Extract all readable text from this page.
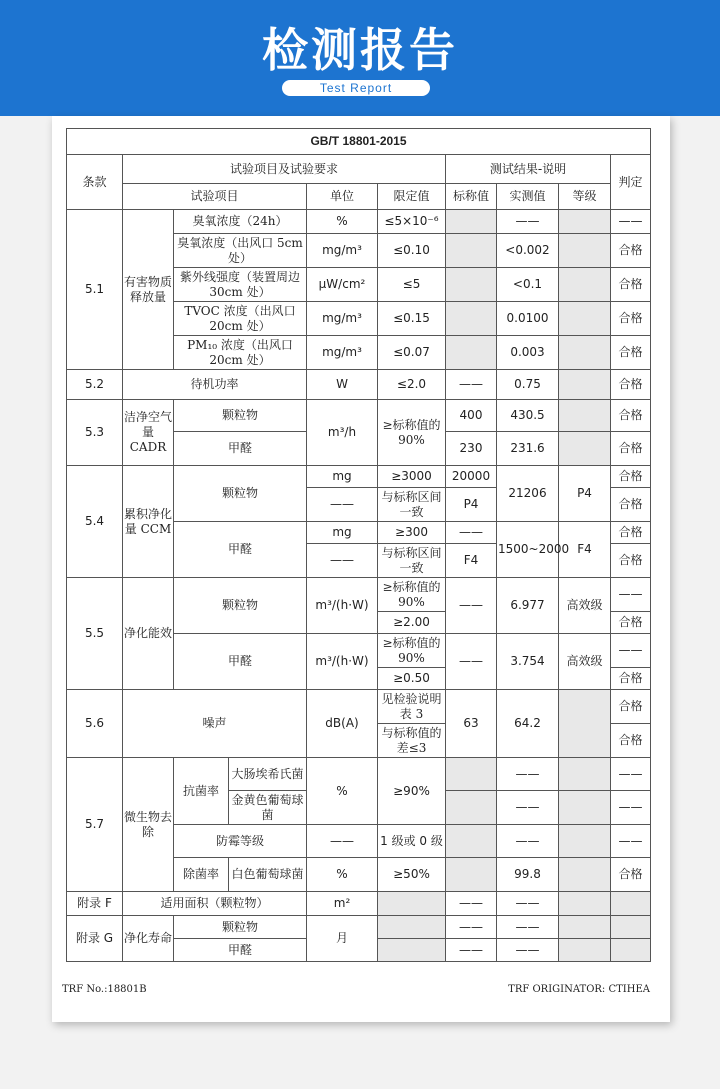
检测报告
Test Report
GB/T 18801-2015									
条款	试验项目及试验要求					测试结果-说明			判定
	试验项目			单位	限定值	标称值	实测值	等级	
5.1	有害物质释放量	臭氧浓度（24h）		%	≤5×10⁻⁶		——		——
		臭氧浓度（出风口 5cm 处）		mg/m³	≤0.10		<0.002		合格
		紫外线强度（装置周边 30cm 处）		μW/cm²	≤5		<0.1		合格
		TVOC 浓度（出风口 20cm 处）		mg/m³	≤0.15		0.0100		合格
		PM₁₀ 浓度（出风口 20cm 处）		mg/m³	≤0.07		0.003		合格
5.2	待机功率			W	≤2.0	——	0.75		合格
5.3	洁净空气量 CADR	颗粒物		m³/h	≥标称值的 90%	400	430.5		合格
		甲醛				230	231.6		合格
5.4	累积净化量 CCM	颗粒物		mg	≥3000	20000	21206	P4	合格
				——	与标称区间一致	P4			合格
		甲醛		mg	≥300	——	1500~2000	F4	合格
				——	与标称区间一致	F4			合格
5.5	净化能效	颗粒物		m³/(h·W)	≥标称值的 90%	——	6.977	高效级	——
					≥2.00				合格
		甲醛		m³/(h·W)	≥标称值的 90%	——	3.754	高效级	——
					≥0.50				合格
5.6	噪声			dB(A)	见检验说明表 3	63	64.2		合格
					与标称值的差≤3				合格
5.7	微生物去除	抗菌率	大肠埃希氏菌	%	≥90%		——		——
			金黄色葡萄球菌				——		——
		防霉等级		——	1 级或 0 级		——		——
		除菌率	白色葡萄球菌	%	≥50%		99.8		合格
附录 F	适用面积（颗粒物）			m²		——	——		
附录 G	净化寿命	颗粒物		月		——	——		
		甲醛				——	——		
TRF No.:18801B	TRF ORIGINATOR: CTIHEA
